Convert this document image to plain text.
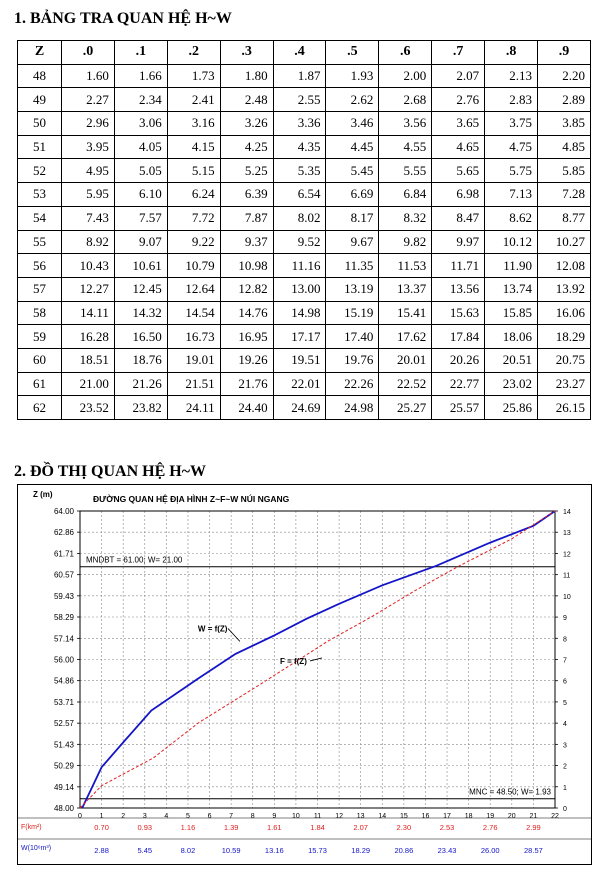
1. BẢNG TRA QUAN HỆ H~W
Z	.0	.1	.2	.3	.4	.5	.6	.7	.8	.9
48	1.60	1.66	1.73	1.80	1.87	1.93	2.00	2.07	2.13	2.20
49	2.27	2.34	2.41	2.48	2.55	2.62	2.68	2.76	2.83	2.89
50	2.96	3.06	3.16	3.26	3.36	3.46	3.56	3.65	3.75	3.85
51	3.95	4.05	4.15	4.25	4.35	4.45	4.55	4.65	4.75	4.85
52	4.95	5.05	5.15	5.25	5.35	5.45	5.55	5.65	5.75	5.85
53	5.95	6.10	6.24	6.39	6.54	6.69	6.84	6.98	7.13	7.28
54	7.43	7.57	7.72	7.87	8.02	8.17	8.32	8.47	8.62	8.77
55	8.92	9.07	9.22	9.37	9.52	9.67	9.82	9.97	10.12	10.27
56	10.43	10.61	10.79	10.98	11.16	11.35	11.53	11.71	11.90	12.08
57	12.27	12.45	12.64	12.82	13.00	13.19	13.37	13.56	13.74	13.92
58	14.11	14.32	14.54	14.76	14.98	15.19	15.41	15.63	15.85	16.06
59	16.28	16.50	16.73	16.95	17.17	17.40	17.62	17.84	18.06	18.29
60	18.51	18.76	19.01	19.26	19.51	19.76	20.01	20.26	20.51	20.75
61	21.00	21.26	21.51	21.76	22.01	22.26	22.52	22.77	23.02	23.27
62	23.52	23.82	24.11	24.40	24.69	24.98	25.27	25.57	25.86	26.15
2. ĐỒ THỊ QUAN HỆ H~W
64.00
62.86
61.71
60.57
59.43
58.29
57.14
56.00
54.86
53.71
52.57
51.43
50.29
49.14
48.00	0
1
2
3
4
5
6
7
8
9
10
11
12
13
14
0	1	2	3	4	5	6	7	8	9 10 11 12 13 14 15 16 17 18 19 20 21 22
Z (m)	ĐƯỜNG QUAN HỆ ĐỊA HÌNH Z~F~W NÚI NGANG
MNDBT = 61.00; W= 21.00
MNC = 48.50; W= 1.93
W = f(Z)
F = f(Z)
F(km²)	0.70	0.93	1.16	1.39	1.61	1.84	2.07	2.30	2.53	2.76	2.99
W(10⁶m³)	2.88	5.45	8.02	10.59	13.16	15.73	18.29	20.86	23.43	26.00	28.57
